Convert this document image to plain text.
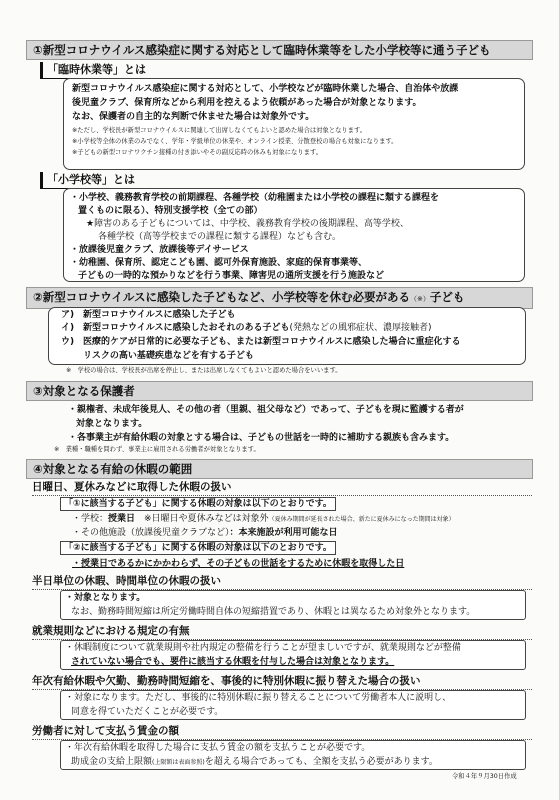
①新型コロナウイルス感染症に関する対応として臨時休業等をした小学校等に通う子ども
「臨時休業等」とは
新型コロナウイルス感染症に関する対応として、小学校などが臨時休業した場合、自治体や放課
後児童クラブ、保育所などから利用を控えるよう依頼があった場合が対象となります。
なお、保護者の自主的な判断で休ませた場合は対象外です。
※ただし、学校長が新型コロナウイルスに関連して出席しなくてもよいと認めた場合は対象となります。
※小学校等全体の休業のみでなく、学年・学級単位の休業や、オンライン授業、分散登校の場合も対象になります。
※子どもの新型コロナワクチン接種の付き添いやその副反応時の休みも対象になります。
「小学校等」とは
・小学校、義務教育学校の前期課程、各種学校（幼稚園または小学校の課程に類する課程を
置くものに限る）、特別支援学校（全ての部）
★障害のある子どもについては、中学校、義務教育学校の後期課程、高等学校、
各種学校（高等学校までの課程に類する課程）なども含む。
・放課後児童クラブ、放課後等デイサービス
・幼稚園、保育所、認定こども園、認可外保育施設、家庭的保育事業等、
子どもの一時的な預かりなどを行う事業、障害児の通所支援を行う施設など
②新型コロナウイルスに感染した子どもなど、小学校等を休む必要がある（※）子ども
ア) 新型コロナウイルスに感染した子ども
イ) 新型コロナウイルスに感染したおそれのある子ども(発熱などの風邪症状、濃厚接触者)
ウ) 医療的ケアが日常的に必要な子ども、または新型コロナウイルスに感染した場合に重症化する
リスクの高い基礎疾患などを有する子ども
※　学校の場合は、学校長が出席を停止し、または出席しなくてもよいと認めた場合をいいます。
③対象となる保護者
・親権者、未成年後見人、その他の者（里親、祖父母など）であって、子どもを現に監護する者が
対象となります。
・各事業主が有給休暇の対象とする場合は、子どもの世話を一時的に補助する親族も含みます。
※　業種・職種を問わず、事業主に雇用される労働者が対象となります。
④対象となる有給の休暇の範囲
日曜日、夏休みなどに取得した休暇の扱い
「①に該当する子ども」に関する休暇の対象は以下のとおりです。
・学校：授業日　 ※日曜日や夏休みなどは対象外（夏休み期間が延長された場合、新たに夏休みになった期間は対象）
・その他施設（放課後児童クラブなど）：本来施設が利用可能な日
「②に該当する子ども」に関する休暇の対象は以下のとおりです。
・授業日であるかにかかわらず、その子どもの世話をするために休暇を取得した日
半日単位の休暇、時間単位の休暇の扱い
・対象となります。
なお、勤務時間短縮は所定労働時間自体の短縮措置であり、休暇とは異なるため対象外となります。
就業規則などにおける規定の有無
・休暇制度について就業規則や社内規定の整備を行うことが望ましいですが、就業規則などが整備
されていない場合でも、要件に該当する休暇を付与した場合は対象となります。
年次有給休暇や欠勤、勤務時間短縮を、事後的に特別休暇に振り替えた場合の扱い
・対象になります。ただし、事後的に特別休暇に振り替えることについて労働者本人に説明し、
同意を得ていただくことが必要です。
労働者に対して支払う賃金の額
・年次有給休暇を取得した場合に支払う賃金の額を支払うことが必要です。
助成金の支給上限額(上限額は表面参照)を超える場合であっても、全額を支払う必要があります。
令和４年９月30日作成
